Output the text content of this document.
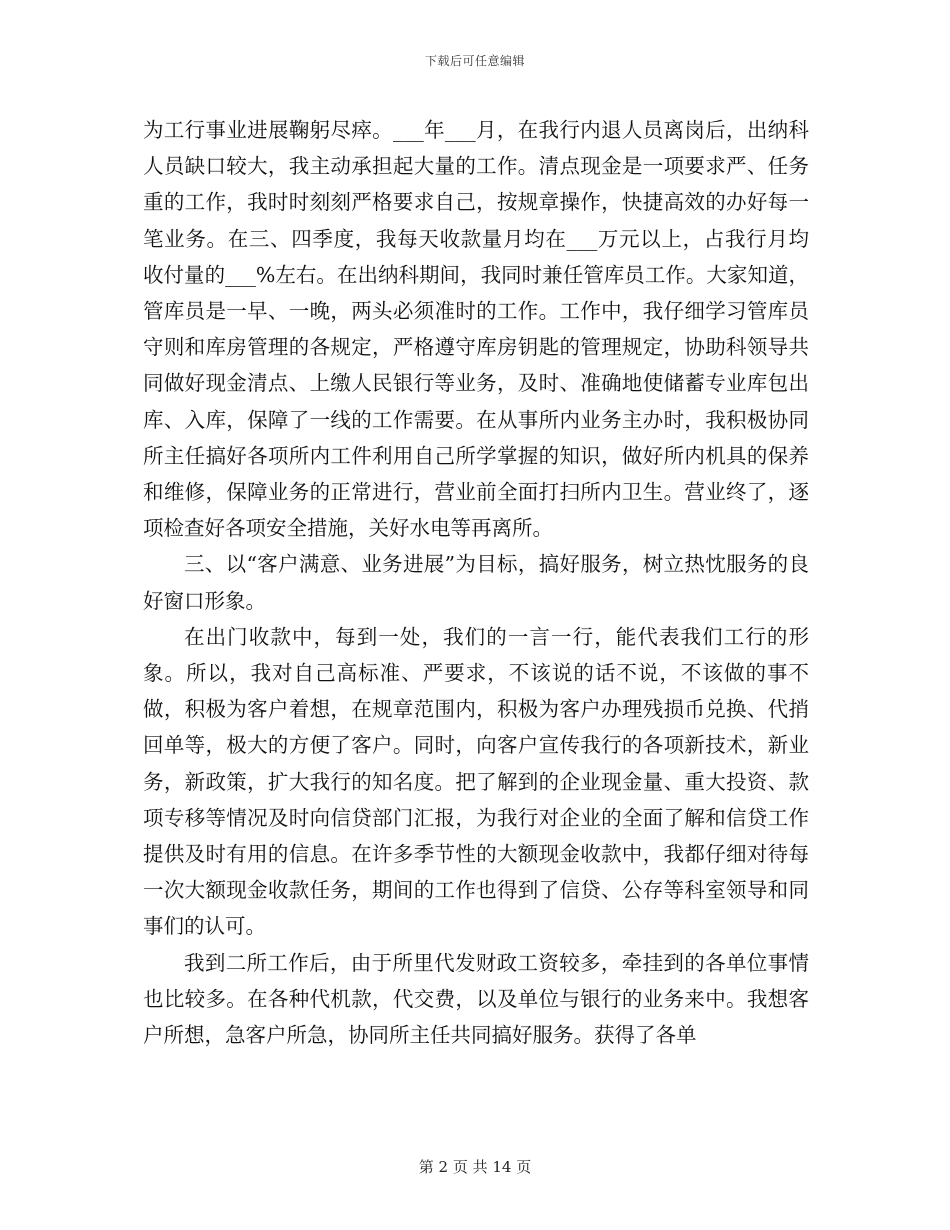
下载后可任意编辑

为工行事业进展鞠躬尽瘁。___年___月，在我行内退人员离岗后，出纳科人员缺口较大，我主动承担起大量的工作。清点现金是一项要求严、任务重的工作，我时时刻刻严格要求自己，按规章操作，快捷高效的办好每一笔业务。在三、四季度，我每天收款量月均在___万元以上，占我行月均收付量的___%左右。在出纳科期间，我同时兼任管库员工作。大家知道，管库员是一早、一晚，两头必须准时的工作。工作中，我仔细学习管库员守则和库房管理的各规定，严格遵守库房钥匙的管理规定，协助科领导共同做好现金清点、上缴人民银行等业务，及时、准确地使储蓄专业库包出库、入库，保障了一线的工作需要。在从事所内业务主办时，我积极协同所主任搞好各项所内工件利用自己所学掌握的知识，做好所内机具的保养和维修，保障业务的正常进行，营业前全面打扫所内卫生。营业终了，逐项检查好各项安全措施，关好水电等再离所。

三、以“客户满意、业务进展”为目标，搞好服务，树立热忱服务的良好窗口形象。

在出门收款中，每到一处，我们的一言一行，能代表我们工行的形象。所以，我对自己高标准、严要求，不该说的话不说，不该做的事不做，积极为客户着想，在规章范围内，积极为客户办理残损币兑换、代捎回单等，极大的方便了客户。同时，向客户宣传我行的各项新技术，新业务，新政策，扩大我行的知名度。把了解到的企业现金量、重大投资、款项专移等情况及时向信贷部门汇报，为我行对企业的全面了解和信贷工作提供及时有用的信息。在许多季节性的大额现金收款中，我都仔细对待每一次大额现金收款任务，期间的工作也得到了信贷、公存等科室领导和同事们的认可。

我到二所工作后，由于所里代发财政工资较多，牵挂到的各单位事情也比较多。在各种代机款，代交费，以及单位与银行的业务来中。我想客户所想，急客户所急，协同所主任共同搞好服务。获得了各单

第 2 页 共 14 页
